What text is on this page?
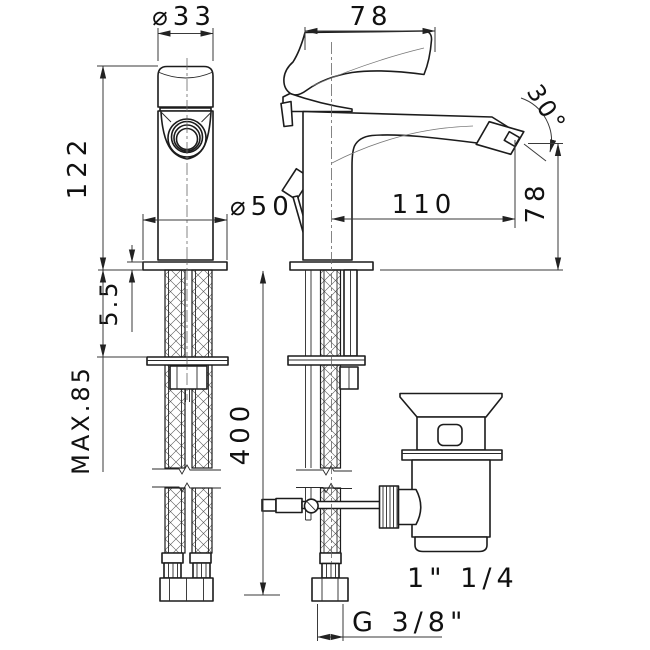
⌀33	78
122
⌀50
5.5
MAX.85
30°
110 78
400
G 3/8"
1" 1/4
